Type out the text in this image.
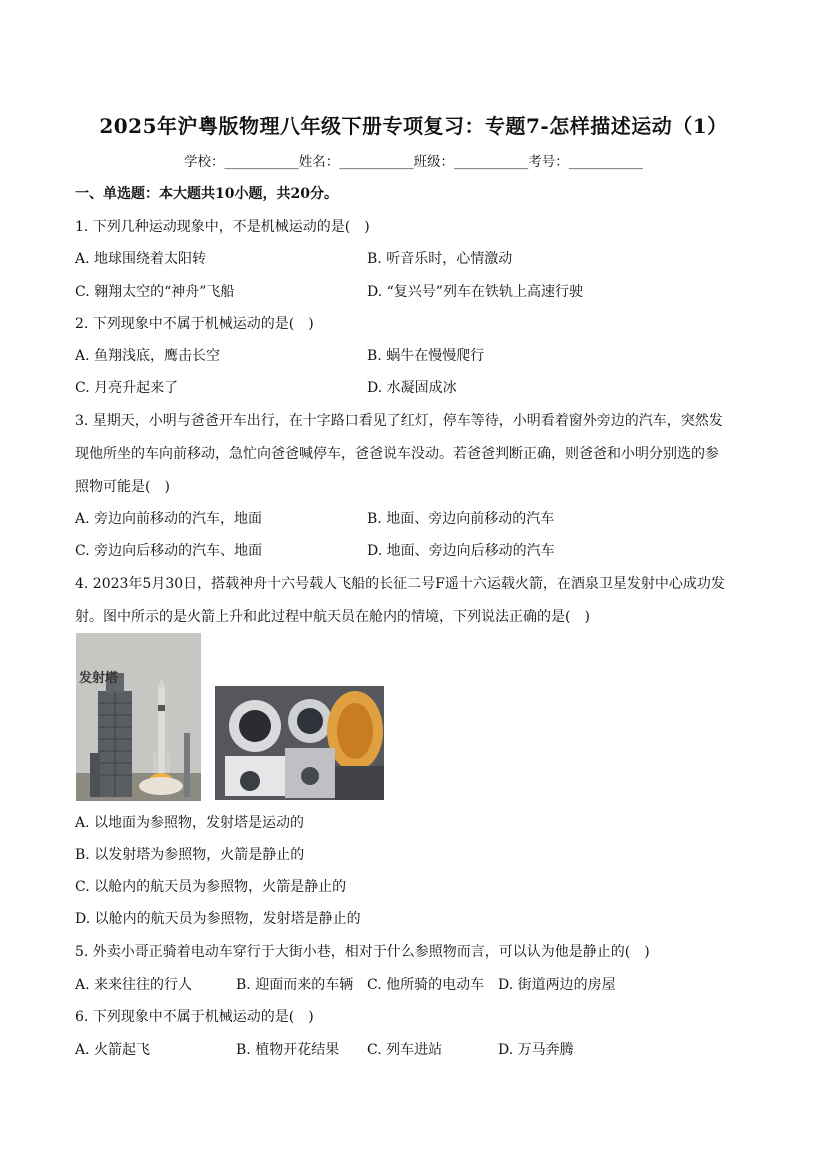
2025年沪粤版物理八年级下册专项复习：专题7-怎样描述运动（1）
学校：___________姓名：___________班级：___________考号：___________
一、单选题：本大题共10小题，共20分。
1. 下列几种运动现象中，不是机械运动的是(　)
A. 地球围绕着太阳转	B. 听音乐时，心情激动
C. 翱翔太空的“神舟”飞船	D. “复兴号”列车在铁轨上高速行驶
2. 下列现象中不属于机械运动的是(　)
A. 鱼翔浅底，鹰击长空	B. 蜗牛在慢慢爬行
C. 月亮升起来了	D. 水凝固成冰
3. 星期天，小明与爸爸开车出行，在十字路口看见了红灯，停车等待，小明看着窗外旁边的汽车，突然发
现他所坐的车向前移动，急忙向爸爸喊停车，爸爸说车没动。若爸爸判断正确，则爸爸和小明分别选的参
照物可能是(　)
A. 旁边向前移动的汽车，地面	B. 地面、旁边向前移动的汽车
C. 旁边向后移动的汽车、地面	D. 地面、旁边向后移动的汽车
4. 2023年5月30日，搭载神舟十六号载人飞船的长征二号F遥十六运载火箭，在酒泉卫星发射中心成功发
射。图中所示的是火箭上升和此过程中航天员在舱内的情境，下列说法正确的是(　)
发射塔
A. 以地面为参照物，发射塔是运动的
B. 以发射塔为参照物，火箭是静止的
C. 以舱内的航天员为参照物，火箭是静止的
D. 以舱内的航天员为参照物，发射塔是静止的
5. 外卖小哥正骑着电动车穿行于大街小巷，相对于什么参照物而言，可以认为他是静止的(　)
A. 来来往往的行人	B. 迎面而来的车辆 C. 他所骑的电动车 D. 街道两边的房屋
6. 下列现象中不属于机械运动的是(　)
A. 火箭起飞	B. 植物开花结果 C. 列车进站	D. 万马奔腾
